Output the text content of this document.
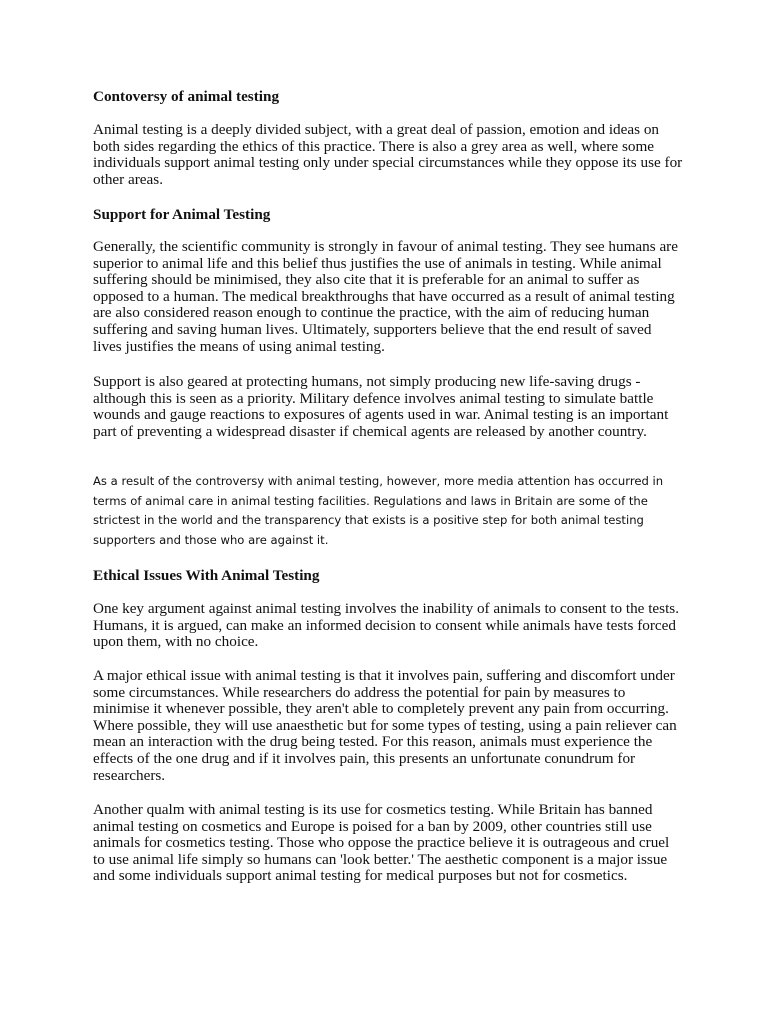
Contoversy of animal testing
Animal testing is a deeply divided subject, with a great deal of passion, emotion and ideas on both sides regarding the ethics of this practice. There is also a grey area as well, where some individuals support animal testing only under special circumstances while they oppose its use for other areas.
Support for Animal Testing
Generally, the scientific community is strongly in favour of animal testing. They see humans are superior to animal life and this belief thus justifies the use of animals in testing. While animal suffering should be minimised, they also cite that it is preferable for an animal to suffer as opposed to a human. The medical breakthroughs that have occurred as a result of animal testing are also considered reason enough to continue the practice, with the aim of reducing human suffering and saving human lives. Ultimately, supporters believe that the end result of saved lives justifies the means of using animal testing.
Support is also geared at protecting humans, not simply producing new life-saving drugs - although this is seen as a priority. Military defence involves animal testing to simulate battle wounds and gauge reactions to exposures of agents used in war. Animal testing is an important part of preventing a widespread disaster if chemical agents are released by another country.
As a result of the controversy with animal testing, however, more media attention has occurred in terms of animal care in animal testing facilities. Regulations and laws in Britain are some of the strictest in the world and the transparency that exists is a positive step for both animal testing supporters and those who are against it.
Ethical Issues With Animal Testing
One key argument against animal testing involves the inability of animals to consent to the tests. Humans, it is argued, can make an informed decision to consent while animals have tests forced upon them, with no choice.
A major ethical issue with animal testing is that it involves pain, suffering and discomfort under some circumstances. While researchers do address the potential for pain by measures to minimise it whenever possible, they aren't able to completely prevent any pain from occurring. Where possible, they will use anaesthetic but for some types of testing, using a pain reliever can mean an interaction with the drug being tested. For this reason, animals must experience the effects of the one drug and if it involves pain, this presents an unfortunate conundrum for researchers.
Another qualm with animal testing is its use for cosmetics testing. While Britain has banned animal testing on cosmetics and Europe is poised for a ban by 2009, other countries still use animals for cosmetics testing. Those who oppose the practice believe it is outrageous and cruel to use animal life simply so humans can 'look better.' The aesthetic component is a major issue and some individuals support animal testing for medical purposes but not for cosmetics.
